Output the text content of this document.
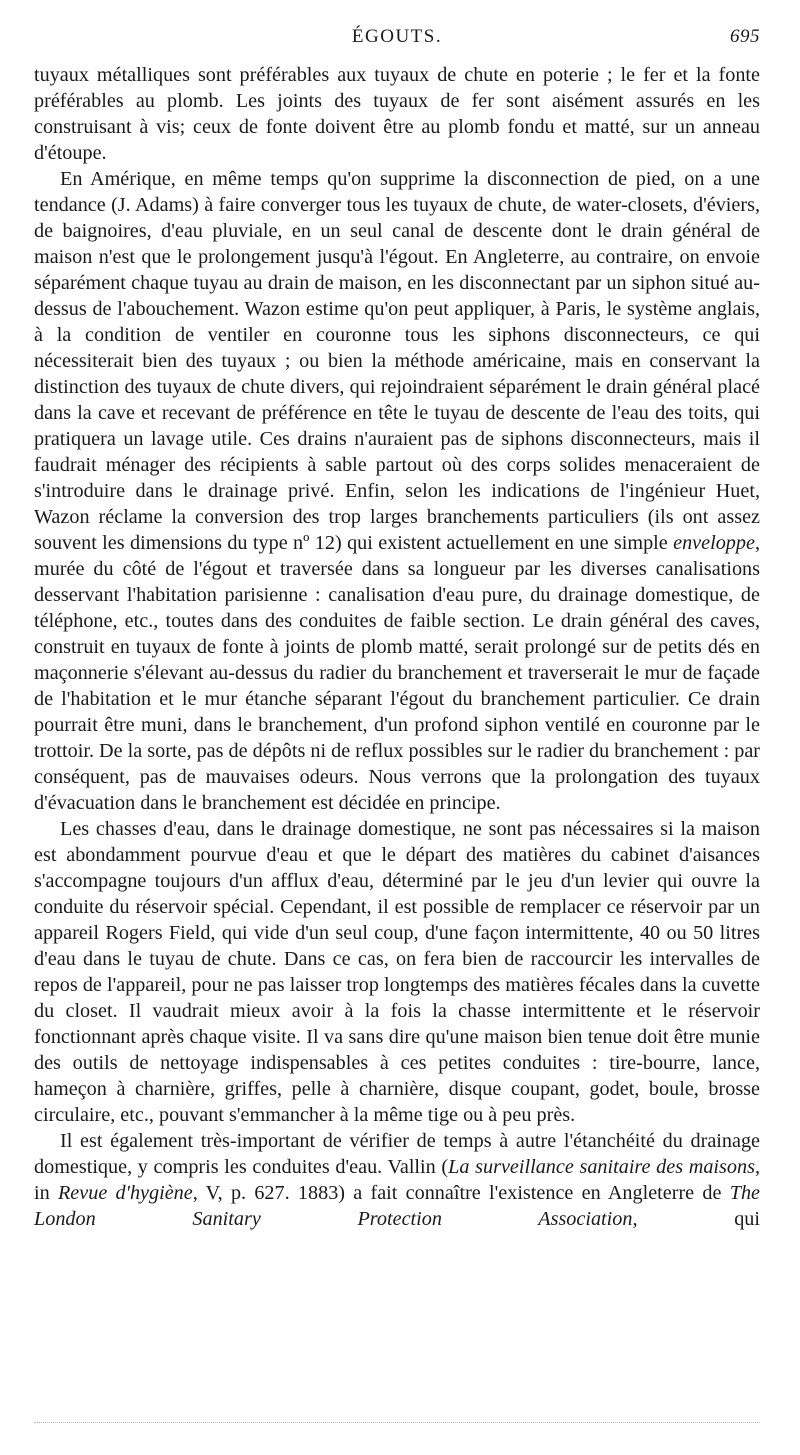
ÉGOUTS.	695

tuyaux métalliques sont préférables aux tuyaux de chute en poterie ; le fer et la fonte préférables au plomb. Les joints des tuyaux de fer sont aisément assurés en les construisant à vis; ceux de fonte doivent être au plomb fondu et matté, sur un anneau d'étoupe.

En Amérique, en même temps qu'on supprime la disconnection de pied, on a une tendance (J. Adams) à faire converger tous les tuyaux de chute, de water-closets, d'éviers, de baignoires, d'eau pluviale, en un seul canal de descente dont le drain général de maison n'est que le prolongement jusqu'à l'égout. En Angleterre, au contraire, on envoie séparément chaque tuyau au drain de maison, en les disconnectant par un siphon situé au-dessus de l'abouchement. Wazon estime qu'on peut appliquer, à Paris, le système anglais, à la condition de ventiler en couronne tous les siphons disconnecteurs, ce qui nécessiterait bien des tuyaux ; ou bien la méthode américaine, mais en conservant la distinction des tuyaux de chute divers, qui rejoindraient séparément le drain général placé dans la cave et recevant de préférence en tête le tuyau de descente de l'eau des toits, qui pratiquera un lavage utile. Ces drains n'auraient pas de siphons disconnecteurs, mais il faudrait ménager des récipients à sable partout où des corps solides menaceraient de s'introduire dans le drainage privé. Enfin, selon les indications de l'ingénieur Huet, Wazon réclame la conversion des trop larges branchements particuliers (ils ont assez souvent les dimensions du type nº 12) qui existent actuellement en une simple enveloppe, murée du côté de l'égout et traversée dans sa longueur par les diverses canalisations desservant l'habitation parisienne : canalisation d'eau pure, du drainage domestique, de téléphone, etc., toutes dans des conduites de faible section. Le drain général des caves, construit en tuyaux de fonte à joints de plomb matté, serait prolongé sur de petits dés en maçonnerie s'élevant au-dessus du radier du branchement et traverserait le mur de façade de l'habitation et le mur étanche séparant l'égout du branchement particulier. Ce drain pourrait être muni, dans le branchement, d'un profond siphon ventilé en couronne par le trottoir. De la sorte, pas de dépôts ni de reflux possibles sur le radier du branchement : par conséquent, pas de mauvaises odeurs. Nous verrons que la prolongation des tuyaux d'évacuation dans le branchement est décidée en principe.

Les chasses d'eau, dans le drainage domestique, ne sont pas nécessaires si la maison est abondamment pourvue d'eau et que le départ des matières du cabinet d'aisances s'accompagne toujours d'un afflux d'eau, déterminé par le jeu d'un levier qui ouvre la conduite du réservoir spécial. Cependant, il est possible de remplacer ce réservoir par un appareil Rogers Field, qui vide d'un seul coup, d'une façon intermittente, 40 ou 50 litres d'eau dans le tuyau de chute. Dans ce cas, on fera bien de raccourcir les intervalles de repos de l'appareil, pour ne pas laisser trop longtemps des matières fécales dans la cuvette du closet. Il vaudrait mieux avoir à la fois la chasse intermittente et le réservoir fonctionnant après chaque visite. Il va sans dire qu'une maison bien tenue doit être munie des outils de nettoyage indispensables à ces petites conduites : tire-bourre, lance, hameçon à charnière, griffes, pelle à charnière, disque coupant, godet, boule, brosse circulaire, etc., pouvant s'emmancher à la même tige ou à peu près.

Il est également très-important de vérifier de temps à autre l'étanchéité du drainage domestique, y compris les conduites d'eau. Vallin (La surveillance sanitaire des maisons, in Revue d'hygiène, V, p. 627. 1883) a fait connaître l'existence en Angleterre de The London Sanitary Protection Association, qui
